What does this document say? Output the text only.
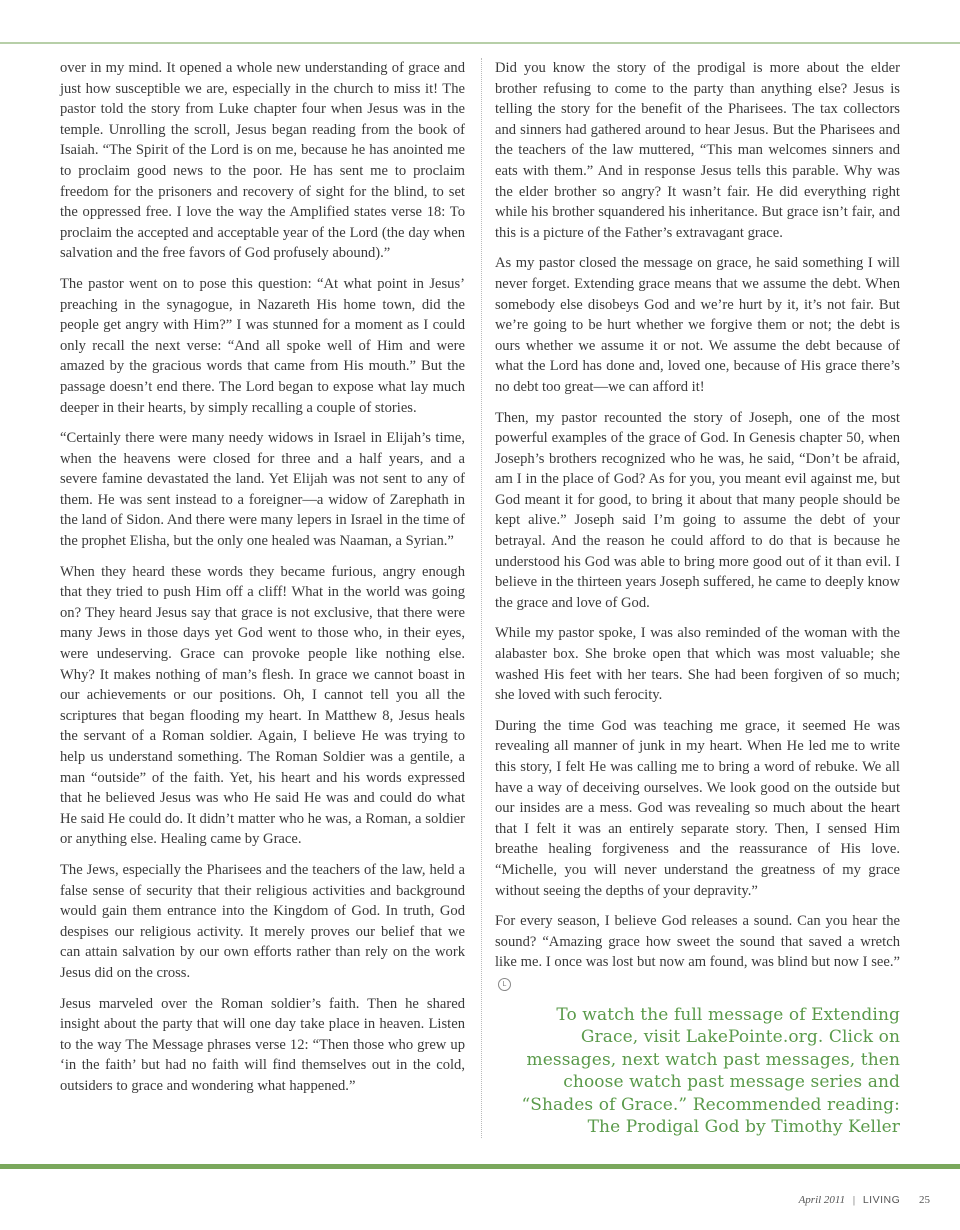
over in my mind. It opened a whole new understanding of grace and just how susceptible we are, especially in the church to miss it! The pastor told the story from Luke chapter four when Jesus was in the temple. Unrolling the scroll, Jesus began reading from the book of Isaiah. “The Spirit of the Lord is on me, because he has anointed me to proclaim good news to the poor. He has sent me to proclaim freedom for the prisoners and recovery of sight for the blind, to set the oppressed free. I love the way the Amplified states verse 18: To proclaim the accepted and acceptable year of the Lord (the day when salvation and the free favors of God profusely abound).”

The pastor went on to pose this question: “At what point in Jesus’ preaching in the synagogue, in Nazareth His home town, did the people get angry with Him?” I was stunned for a moment as I could only recall the next verse: “And all spoke well of Him and were amazed by the gracious words that came from His mouth.” But the passage doesn’t end there. The Lord began to expose what lay much deeper in their hearts, by simply recalling a couple of stories.

“Certainly there were many needy widows in Israel in Elijah’s time, when the heavens were closed for three and a half years, and a severe famine devastated the land. Yet Elijah was not sent to any of them. He was sent instead to a foreigner—a widow of Zarephath in the land of Sidon. And there were many lepers in Israel in the time of the prophet Elisha, but the only one healed was Naaman, a Syrian.”

When they heard these words they became furious, angry enough that they tried to push Him off a cliff! What in the world was going on? They heard Jesus say that grace is not exclusive, that there were many Jews in those days yet God went to those who, in their eyes, were undeserving. Grace can provoke people like nothing else. Why? It makes nothing of man’s flesh. In grace we cannot boast in our achievements or our positions. Oh, I cannot tell you all the scriptures that began flooding my heart. In Matthew 8, Jesus heals the servant of a Roman soldier. Again, I believe He was trying to help us understand something. The Roman Soldier was a gentile, a man “outside” of the faith. Yet, his heart and his words expressed that he believed Jesus was who He said He was and could do what He said He could do. It didn’t matter who he was, a Roman, a soldier or anything else. Healing came by Grace.

The Jews, especially the Pharisees and the teachers of the law, held a false sense of security that their religious activities and background would gain them entrance into the Kingdom of God. In truth, God despises our religious activity. It merely proves our belief that we can attain salvation by our own efforts rather than rely on the work Jesus did on the cross.

Jesus marveled over the Roman soldier’s faith. Then he shared insight about the party that will one day take place in heaven. Listen to the way The Message phrases verse 12: “Then those who grew up ‘in the faith’ but had no faith will find themselves out in the cold, outsiders to grace and wondering what happened.”

Did you know the story of the prodigal is more about the elder brother refusing to come to the party than anything else? Jesus is telling the story for the benefit of the Pharisees. The tax collectors and sinners had gathered around to hear Jesus. But the Pharisees and the teachers of the law muttered, “This man welcomes sinners and eats with them.” And in response Jesus tells this parable. Why was the elder brother so angry? It wasn’t fair. He did everything right while his brother squandered his inheritance. But grace isn’t fair, and this is a picture of the Father’s extravagant grace.

As my pastor closed the message on grace, he said something I will never forget. Extending grace means that we assume the debt. When somebody else disobeys God and we’re hurt by it, it’s not fair. But we’re going to be hurt whether we forgive them or not; the debt is ours whether we assume it or not. We assume the debt because of what the Lord has done and, loved one, because of His grace there’s no debt too great—we can afford it!

Then, my pastor recounted the story of Joseph, one of the most powerful examples of the grace of God. In Genesis chapter 50, when Joseph’s brothers recognized who he was, he said, “Don’t be afraid, am I in the place of God? As for you, you meant evil against me, but God meant it for good, to bring it about that many people should be kept alive.” Joseph said I’m going to assume the debt of your betrayal. And the reason he could afford to do that is because he understood his God was able to bring more good out of it than evil. I believe in the thirteen years Joseph suffered, he came to deeply know the grace and love of God.

While my pastor spoke, I was also reminded of the woman with the alabaster box. She broke open that which was most valuable; she washed His feet with her tears. She had been forgiven of so much; she loved with such ferocity.

During the time God was teaching me grace, it seemed He was revealing all manner of junk in my heart. When He led me to write this story, I felt He was calling me to bring a word of rebuke. We all have a way of deceiving ourselves. We look good on the outside but our insides are a mess. God was revealing so much about the heart that I felt it was an entirely separate story. Then, I sensed Him breathe healing forgiveness and the reassurance of His love. “Michelle, you will never understand the greatness of my grace without seeing the depths of your depravity.”

For every season, I believe God releases a sound. Can you hear the sound? “Amazing grace how sweet the sound that saved a wretch like me. I once was lost but now am found, was blind but now I see.”L

To watch the full message of Extending Grace, visit LakePointe.org. Click on messages, next watch past messages, then choose watch past message series and “Shades of Grace.” Recommended reading: The Prodigal God by Timothy Keller
April 2011 | LIVING 25
